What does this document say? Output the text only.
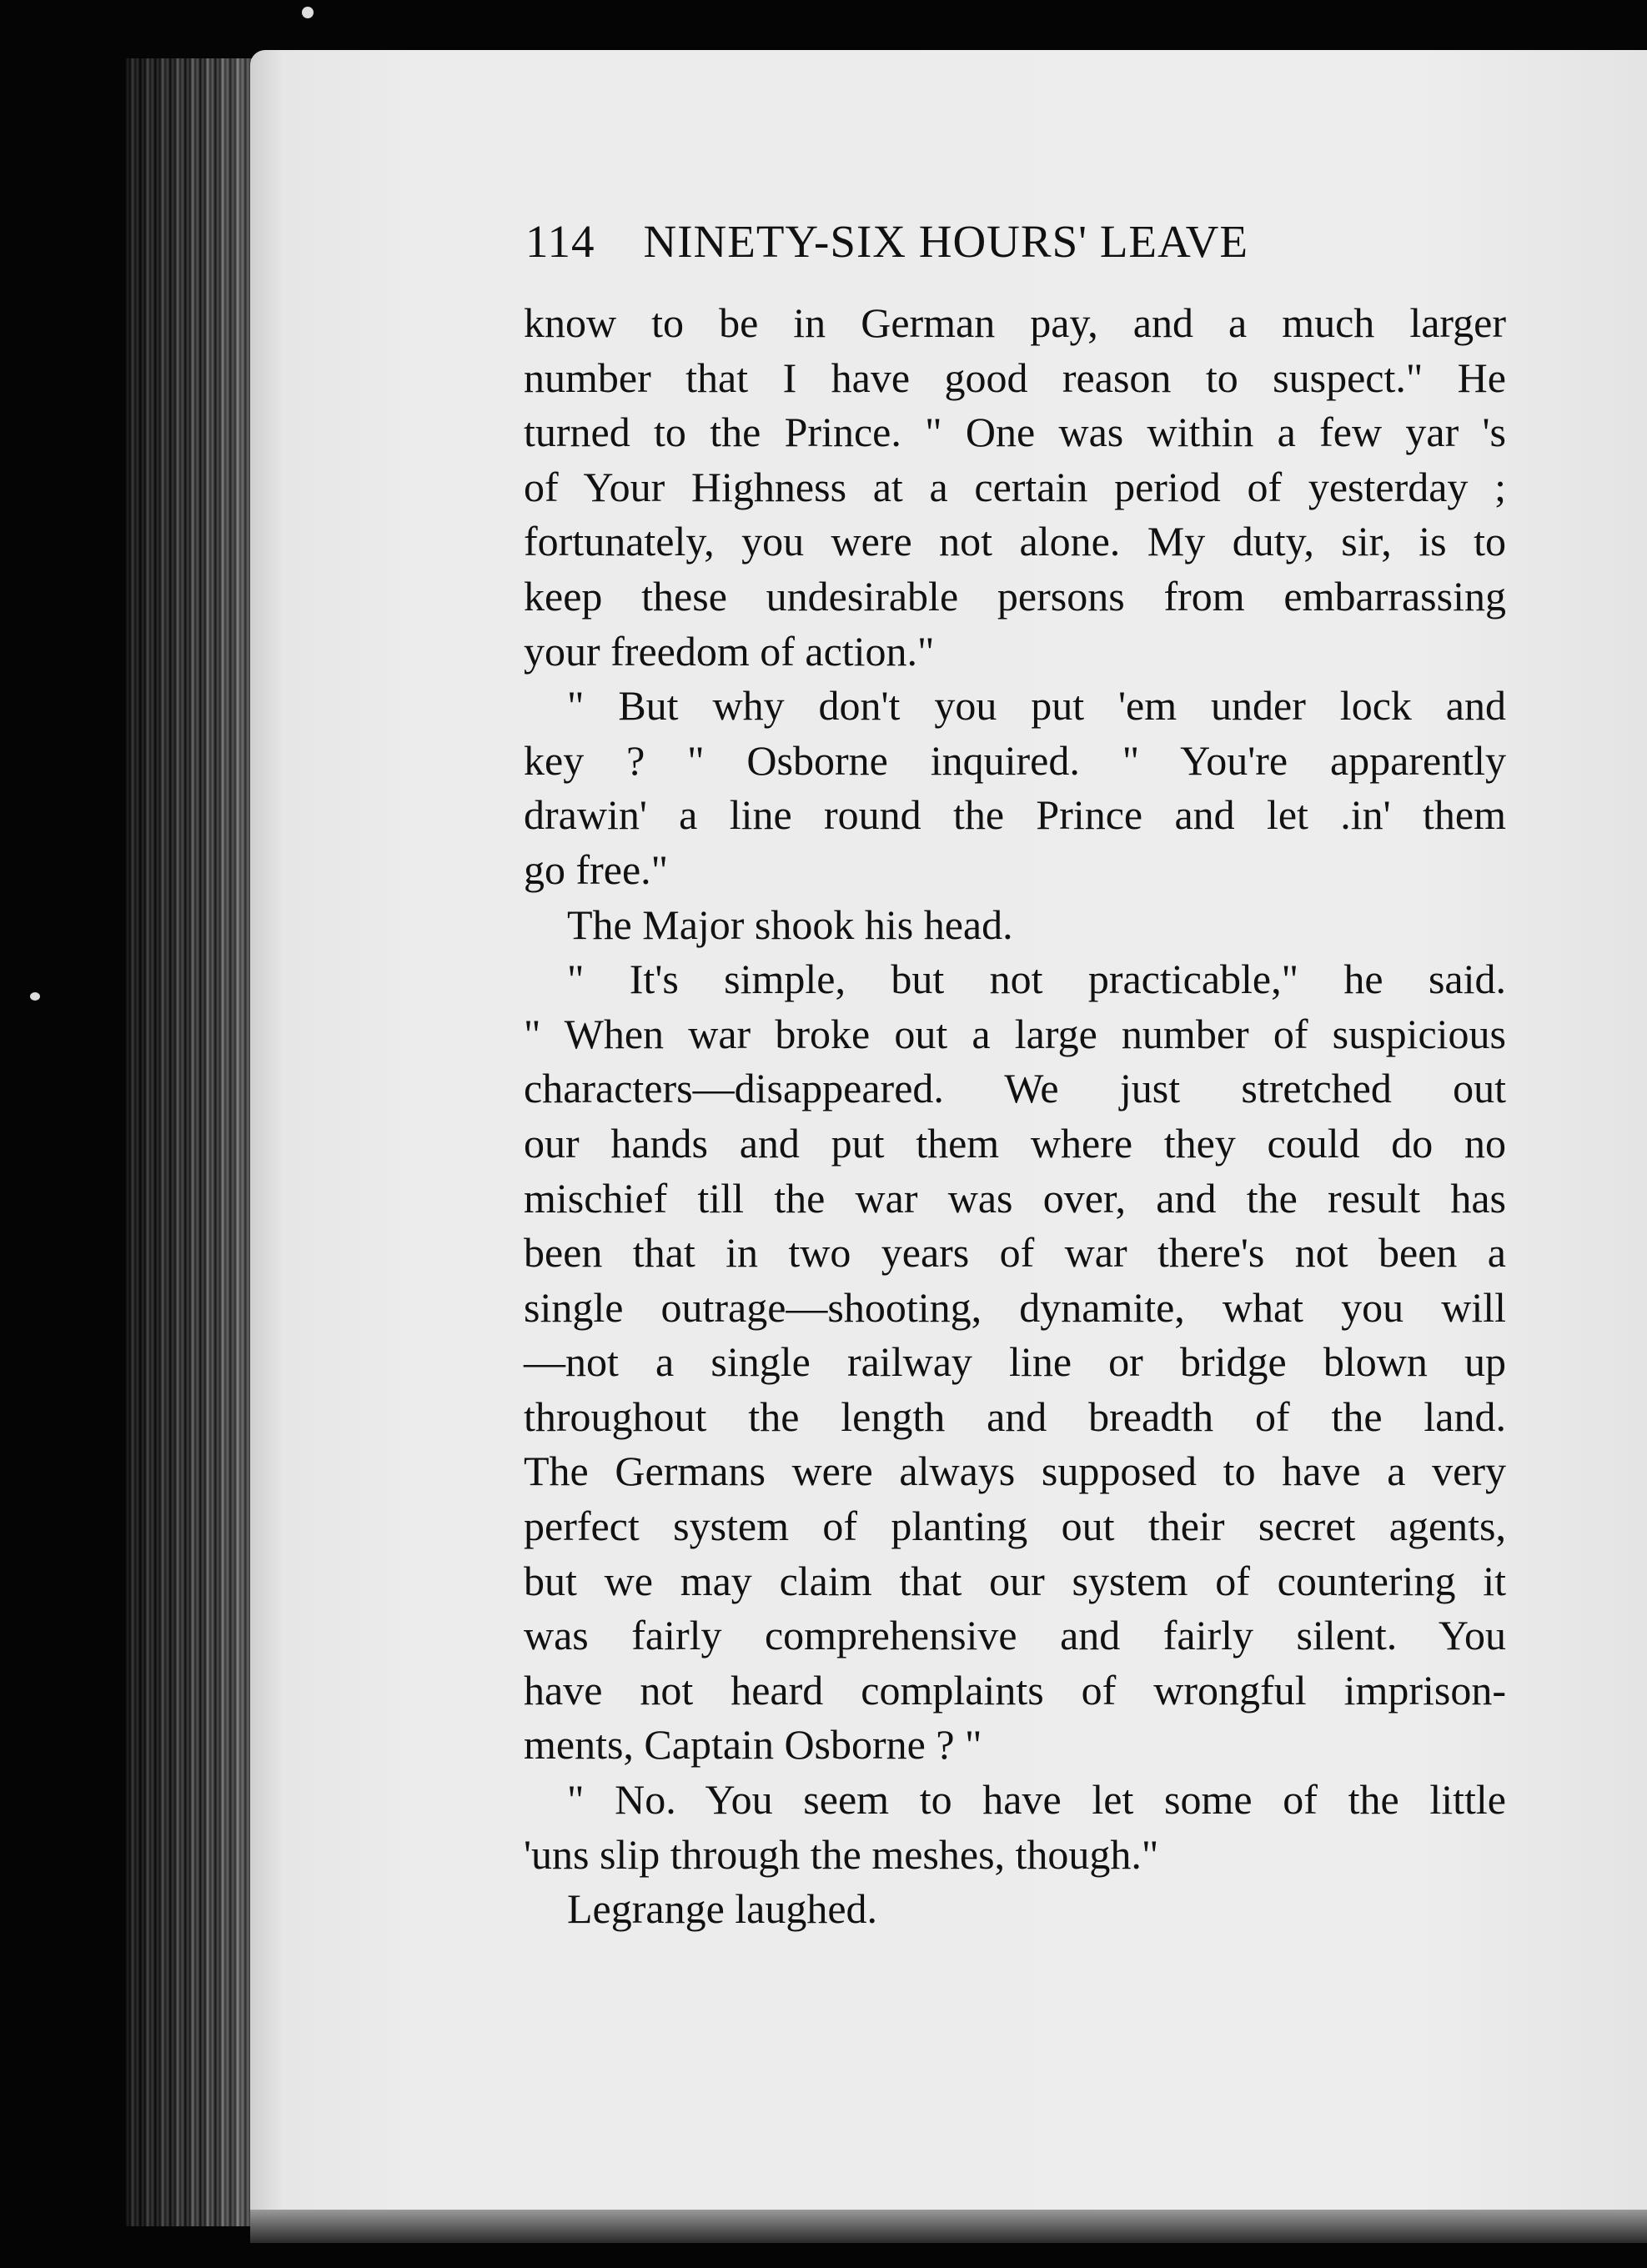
114 NINETY-SIX HOURS' LEAVE
know to be in German pay, and a much larger
number that I have good reason to suspect." He
turned to the Prince. " One was within a few yar 's
of Your Highness at a certain period of yesterday ;
fortunately, you were not alone. My duty, sir, is to
keep these undesirable persons from embarrassing
your freedom of action."
" But why don't you put 'em under lock and
key ? " Osborne inquired. " You're apparently
drawin' a line round the Prince and let .in' them
go free."
The Major shook his head.
" It's simple, but not practicable," he said.
" When war broke out a large number of suspicious
characters—disappeared. We just stretched out
our hands and put them where they could do no
mischief till the war was over, and the result has
been that in two years of war there's not been a
single outrage—shooting, dynamite, what you will
—not a single railway line or bridge blown up
throughout the length and breadth of the land.
The Germans were always supposed to have a very
perfect system of planting out their secret agents,
but we may claim that our system of countering it
was fairly comprehensive and fairly silent. You
have not heard complaints of wrongful imprison-
ments, Captain Osborne ? "
" No. You seem to have let some of the little
'uns slip through the meshes, though."
Legrange laughed.
